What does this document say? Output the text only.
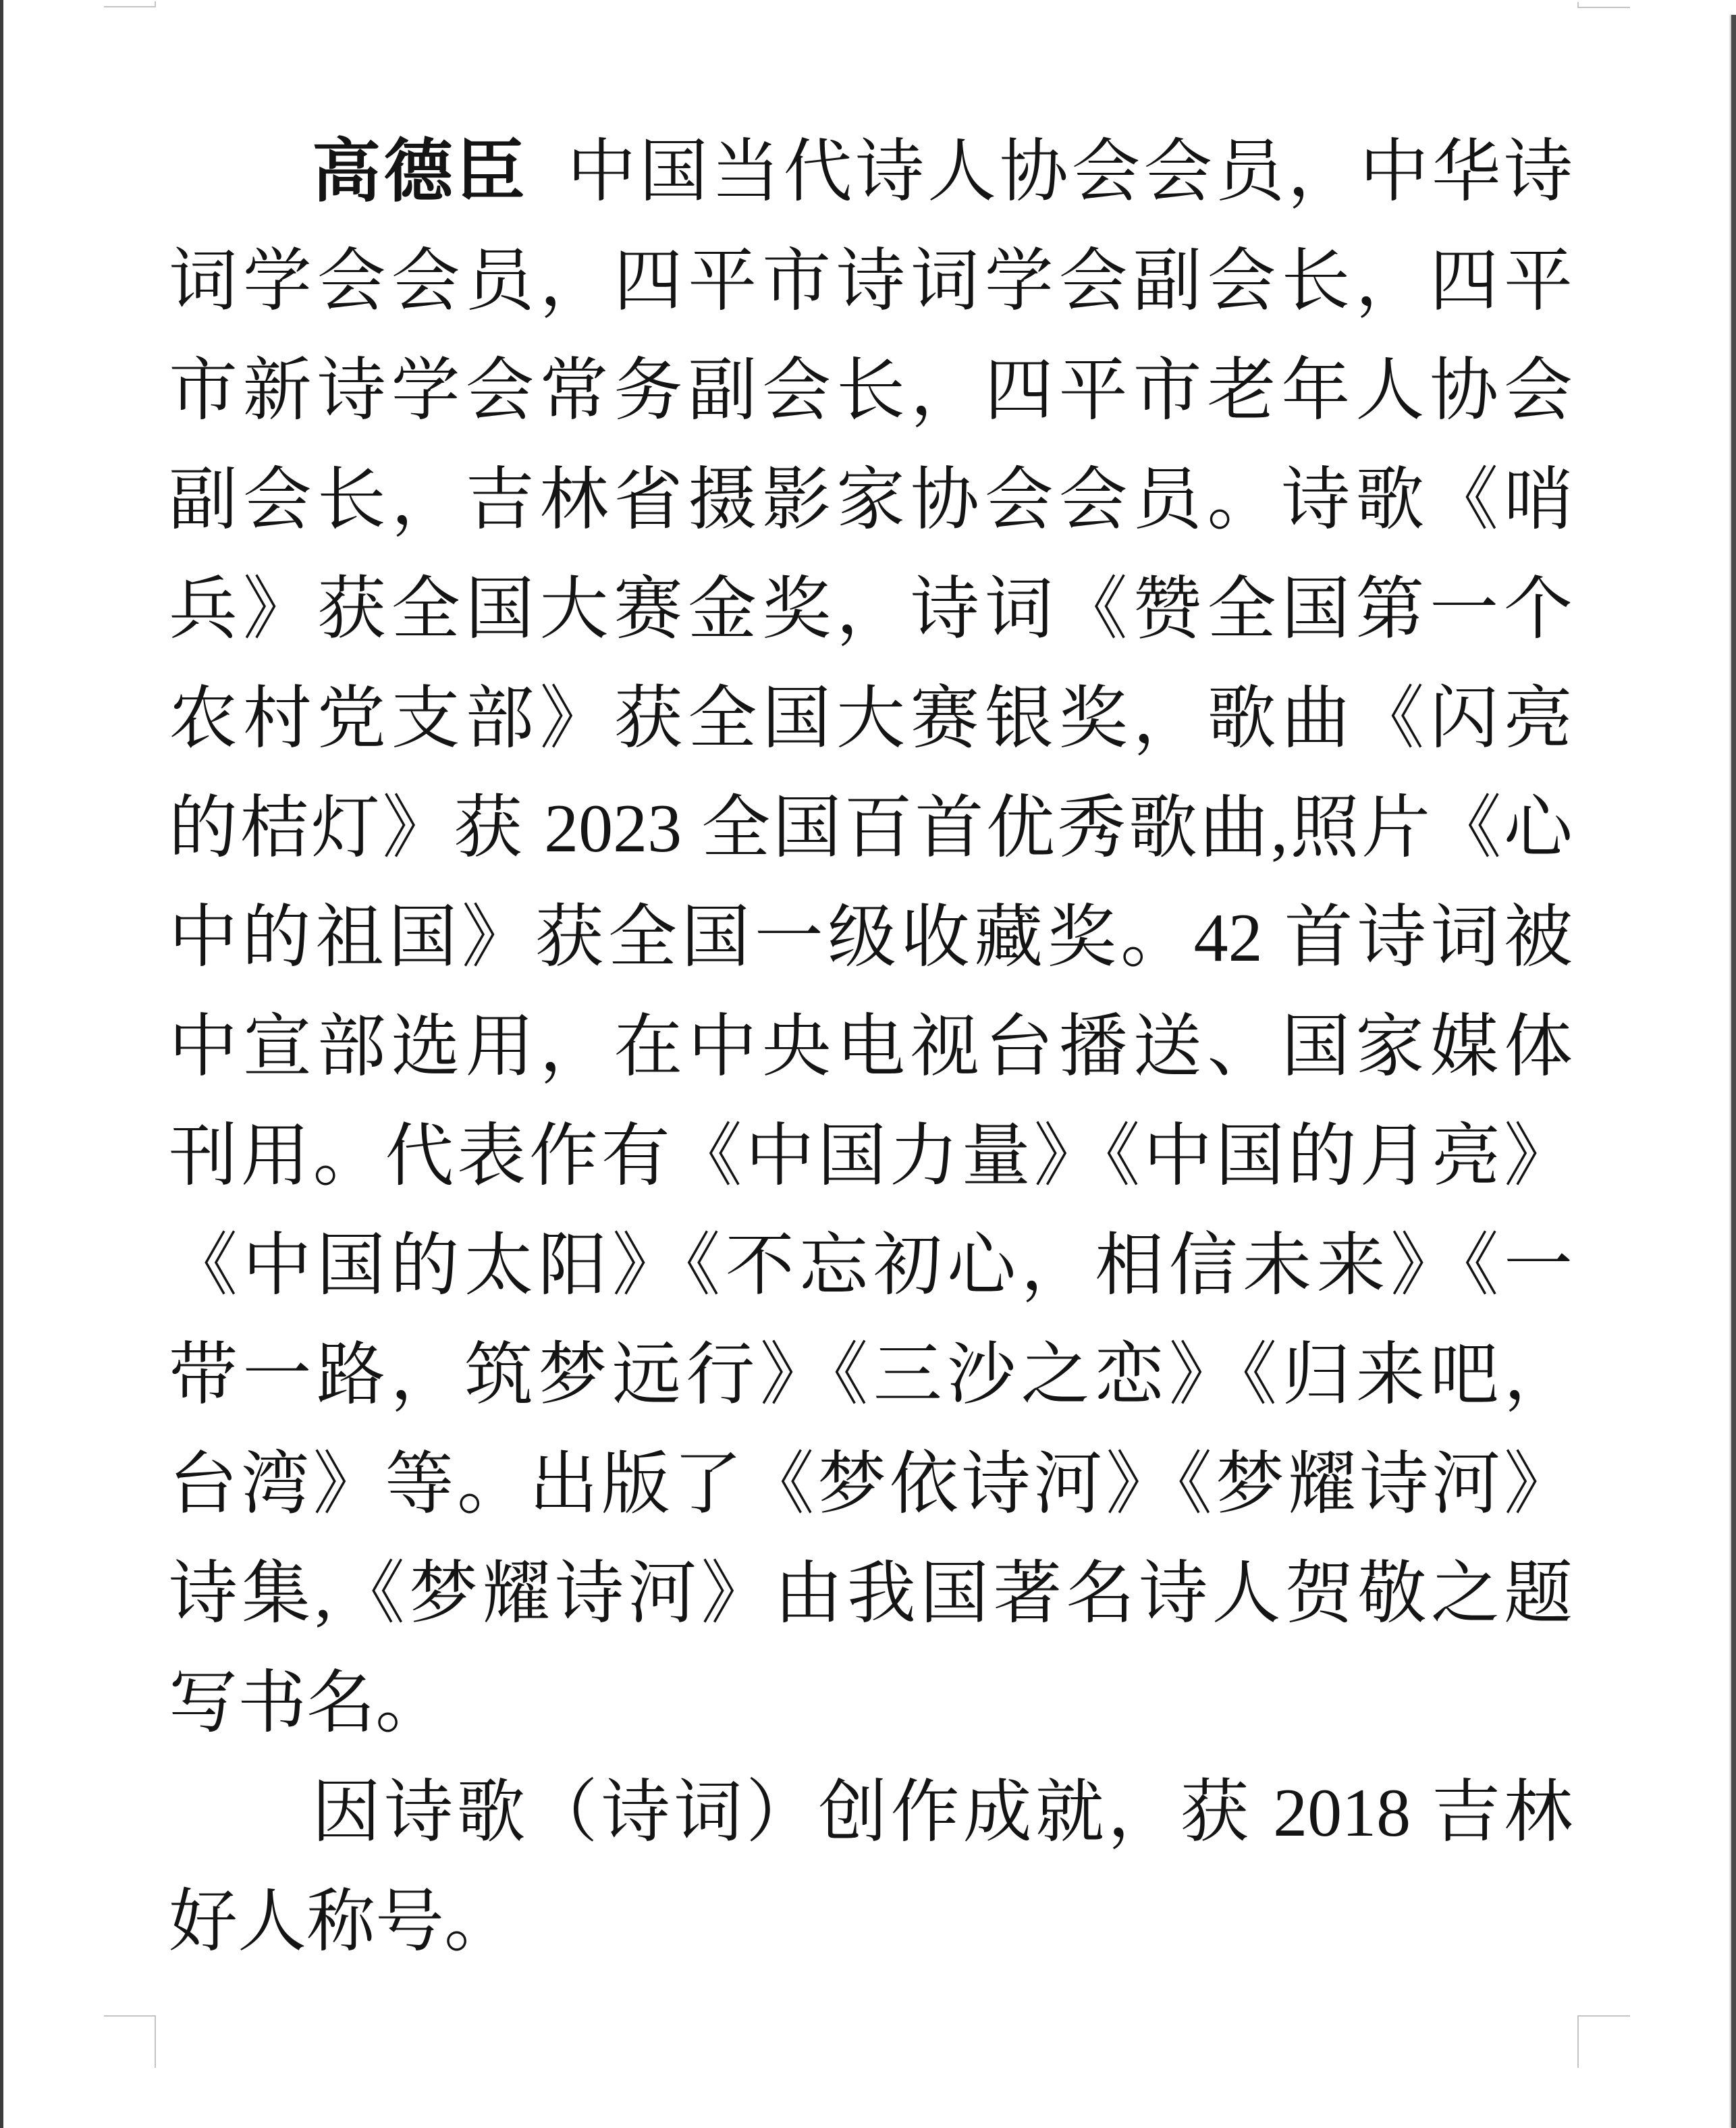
高德臣 中国当代诗人协会会员，中华诗
词学会会员，四平市诗词学会副会长，四平
市新诗学会常务副会长，四平市老年人协会
副会长，吉林省摄影家协会会员。诗歌《哨
兵》获全国大赛金奖，诗词《赞全国第一个
农村党支部》获全国大赛银奖，歌曲《闪亮
的桔灯》获 2023 全国百首优秀歌曲,照片《心
中的祖国》获全国一级收藏奖。42 首诗词被
中宣部选用，在中央电视台播送、国家媒体
刊用。代表作有《中国力量》《中国的月亮》
《中国的太阳》《不忘初心，相信未来》《一
带一路，筑梦远行》《三沙之恋》《归来吧，
台湾》等。出版了《梦依诗河》《梦耀诗河》
诗集,《梦耀诗河》由我国著名诗人贺敬之题
写书名。
因诗歌（诗词）创作成就，获 2018 吉林
好人称号。
